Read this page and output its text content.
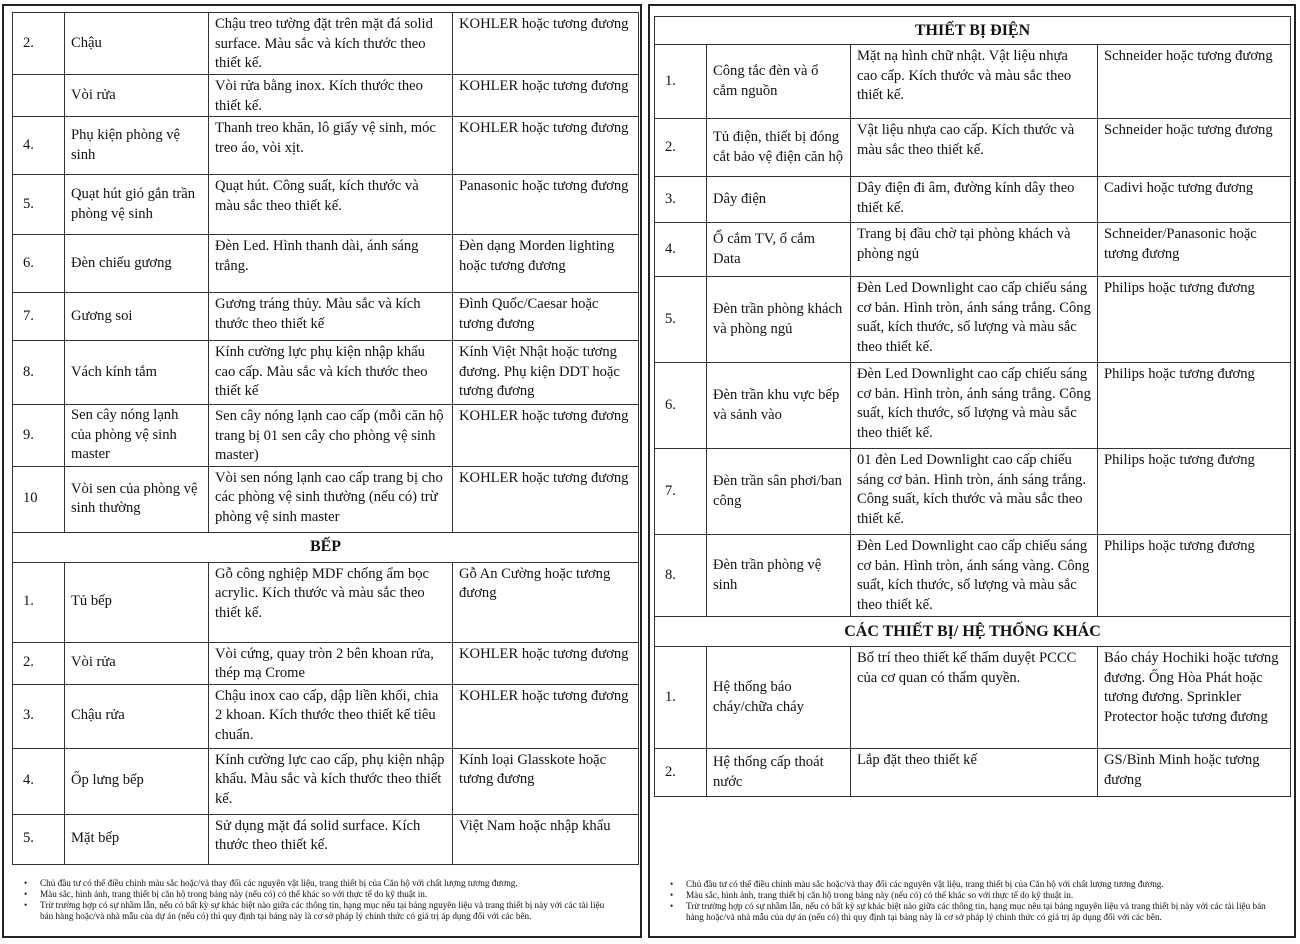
2.	Chậu	Chậu treo tường đặt trên mặt đá solid surface. Màu sắc và kích thước theo thiết kế.	KOHLER hoặc tương đương
	Vòi rửa	Vòi rửa bằng inox. Kích thước theo thiết kế.	KOHLER hoặc tương đương
4.	Phụ kiện phòng vệ sinh	Thanh treo khăn, lô giấy vệ sinh, móc treo áo, vòi xịt.	KOHLER hoặc tương đương
5.	Quạt hút gió gắn trần phòng vệ sinh	Quạt hút. Công suất, kích thước và màu sắc theo thiết kế.	Panasonic hoặc tương đương
6.	Đèn chiếu gương	Đèn Led. Hình thanh dài, ánh sáng trắng.	Đèn dạng Morden lighting hoặc tương đương
7.	Gương soi	Gương tráng thủy. Màu sắc và kích thước theo thiết kế	Đình Quốc/Caesar hoặc tương đương
8.	Vách kính tắm	Kính cường lực phụ kiện nhập khẩu cao cấp. Màu sắc và kích thước theo thiết kế	Kính Việt Nhật hoặc tương đương. Phụ kiện DDT hoặc tương đương
9.	Sen cây nóng lạnh của phòng vệ sinh master	Sen cây nóng lạnh cao cấp (mỗi căn hộ trang bị 01 sen cây cho phòng vệ sinh master)	KOHLER hoặc tương đương
10	Vòi sen của phòng vệ sinh thường	Vòi sen nóng lạnh cao cấp trang bị cho các phòng vệ sinh thường (nếu có) trừ phòng vệ sinh master	KOHLER hoặc tương đương
BẾP			
1.	Tủ bếp	Gỗ công nghiệp MDF chống ẩm bọc acrylic. Kích thước và màu sắc theo thiết kế.	Gỗ An Cường hoặc tương đương
2.	Vòi rửa	Vòi cứng, quay tròn 2 bên khoan rửa, thép mạ Crome	KOHLER hoặc tương đương
3.	Chậu rửa	Chậu inox cao cấp, dập liền khối, chia 2 khoan. Kích thước theo thiết kế tiêu chuẩn.	KOHLER hoặc tương đương
4.	Ốp lưng bếp	Kính cường lực cao cấp, phụ kiện nhập khẩu. Màu sắc và kích thước theo thiết kế.	Kính loại Glasskote hoặc tương đương
5.	Mặt bếp	Sử dụng mặt đá solid surface. Kích thước theo thiết kế.	Việt Nam hoặc nhập khẩu
• Chủ đầu tư có thể điều chỉnh màu sắc hoặc/và thay đổi các nguyên vật liệu, trang thiết bị của Căn hộ với chất lượng tương đương.
• Màu sắc, hình ảnh, trang thiết bị căn hộ trong bảng này (nếu có) có thể khác so với thực tế do kỹ thuật in.
• Trừ trường hợp có sự nhầm lẫn, nếu có bất kỳ sự khác biệt nào giữa các thông tin, hạng mục nêu tại bảng nguyên liệu và trang thiết bị này với các tài liệu bán hàng hoặc/và nhà mẫu của dự án (nếu có) thì quy định tại bảng này là cơ sở pháp lý chính thức có giá trị áp dụng đối với các bên.
THIẾT BỊ ĐIỆN			
1.	Công tắc đèn và ổ cắm nguồn	Mặt nạ hình chữ nhật. Vật liệu nhựa cao cấp. Kích thước và màu sắc theo thiết kế.	Schneider hoặc tương đương
2.	Tủ điện, thiết bị đóng cắt bảo vệ điện căn hộ	Vật liệu nhựa cao cấp. Kích thước và màu sắc theo thiết kế.	Schneider hoặc tương đương
3.	Dây điện	Dây điện đi âm, đường kính dây theo thiết kế.	Cadivi hoặc tương đương
4.	Ổ cắm TV, ổ cắm Data	Trang bị đầu chờ tại phòng khách và phòng ngủ	Schneider/Panasonic hoặc tương đương
5.	Đèn trần phòng khách và phòng ngủ	Đèn Led Downlight cao cấp chiếu sáng cơ bản. Hình tròn, ánh sáng trắng. Công suất, kích thước, số lượng và màu sắc theo thiết kế.	Philips hoặc tương đương
6.	Đèn trần khu vực bếp và sảnh vào	Đèn Led Downlight cao cấp chiếu sáng cơ bản. Hình tròn, ánh sáng trắng. Công suất, kích thước, số lượng và màu sắc theo thiết kế.	Philips hoặc tương đương
7.	Đèn trần sân phơi/ban công	01 đèn Led Downlight cao cấp chiếu sáng cơ bản. Hình tròn, ánh sáng trắng. Công suất, kích thước và màu sắc theo thiết kế.	Philips hoặc tương đương
8.	Đèn trần phòng vệ sinh	Đèn Led Downlight cao cấp chiếu sáng cơ bản. Hình tròn, ánh sáng vàng. Công suất, kích thước, số lượng và màu sắc theo thiết kế.	Philips hoặc tương đương
CÁC THIẾT BỊ/ HỆ THỐNG KHÁC			
1.	Hệ thống báo cháy/chữa cháy	Bố trí theo thiết kế thẩm duyệt PCCC của cơ quan có thẩm quyền.	Báo cháy Hochiki hoặc tương đương. Ống Hòa Phát hoặc tương đương. Sprinkler Protector hoặc tương đương
2.	Hệ thống cấp thoát nước	Lắp đặt theo thiết kế	GS/Bình Minh hoặc tương đương
• Chủ đầu tư có thể điều chỉnh màu sắc hoặc/và thay đổi các nguyên vật liệu, trang thiết bị của Căn hộ với chất lượng tương đương.
• Màu sắc, hình ảnh, trang thiết bị căn hộ trong bảng này (nếu có) có thể khác so với thực tế do kỹ thuật in.
• Trừ trường hợp có sự nhầm lẫn, nếu có bất kỳ sự khác biệt nào giữa các thông tin, hạng mục nêu tại bảng nguyên liệu và trang thiết bị này với các tài liệu bán hàng hoặc/và nhà mẫu của dự án (nếu có) thì quy định tại bảng này là cơ sở pháp lý chính thức có giá trị áp dụng đối với các bên.
